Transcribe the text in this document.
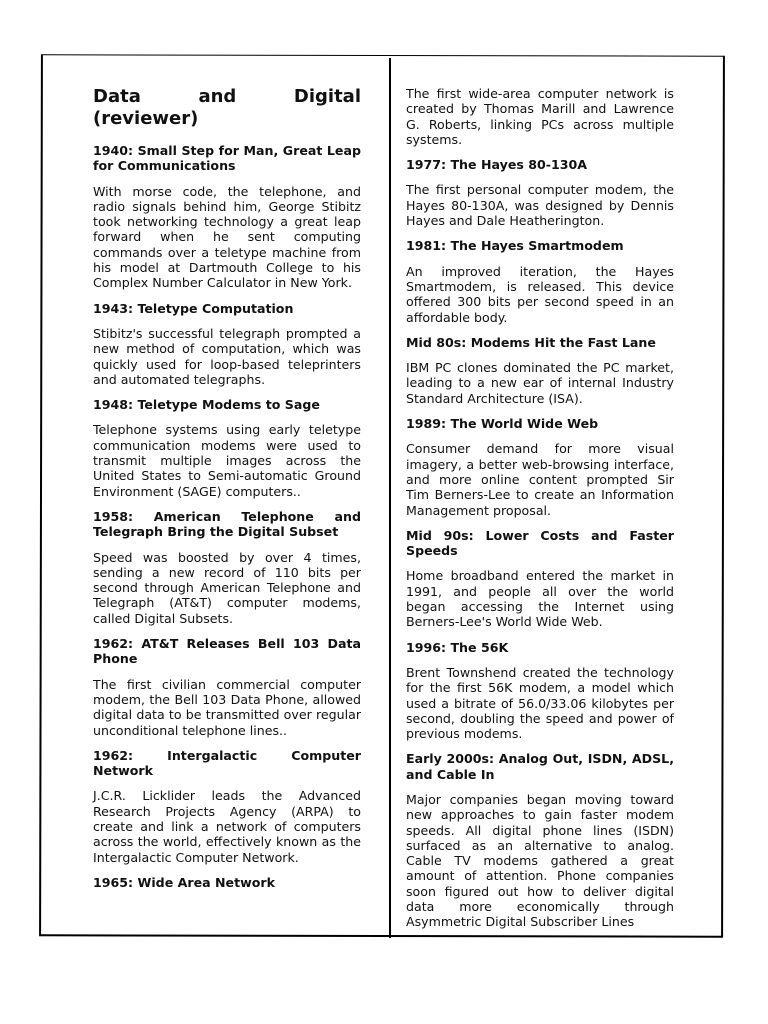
Data and Digital
(reviewer)
1940: Small Step for Man, Great Leap for Communications
With morse code, the telephone, and radio signals behind him, George Stibitz took networking technology a great leap forward when he sent computing commands over a teletype machine from his model at Dartmouth College to his Complex Number Calculator in New York.
1943: Teletype Computation
Stibitz's successful telegraph prompted a new method of computation, which was quickly used for loop-based teleprinters and automated telegraphs.
1948: Teletype Modems to Sage
Telephone systems using early teletype communication modems were used to transmit multiple images across the United States to Semi-automatic Ground Environment (SAGE) computers..
1958: American Telephone and Telegraph Bring the Digital Subset
Speed was boosted by over 4 times, sending a new record of 110 bits per second through American Telephone and Telegraph (AT&T) computer modems, called Digital Subsets.
1962: AT&T Releases Bell 103 Data Phone
The first civilian commercial computer modem, the Bell 103 Data Phone, allowed digital data to be transmitted over regular unconditional telephone lines..
1962: Intergalactic Computer Network
J.C.R. Licklider leads the Advanced Research Projects Agency (ARPA) to create and link a network of computers across the world, effectively known as the Intergalactic Computer Network.
1965: Wide Area Network
The first wide-area computer network is created by Thomas Marill and Lawrence G. Roberts, linking PCs across multiple systems.
1977: The Hayes 80-130A
The first personal computer modem, the Hayes 80-130A, was designed by Dennis Hayes and Dale Heatherington.
1981: The Hayes Smartmodem
An improved iteration, the Hayes Smartmodem, is released. This device offered 300 bits per second speed in an affordable body.
Mid 80s: Modems Hit the Fast Lane
IBM PC clones dominated the PC market, leading to a new ear of internal Industry Standard Architecture (ISA).
1989: The World Wide Web
Consumer demand for more visual imagery, a better web-browsing interface, and more online content prompted Sir Tim Berners-Lee to create an Information Management proposal.
Mid 90s: Lower Costs and Faster Speeds
Home broadband entered the market in 1991, and people all over the world began accessing the Internet using Berners-Lee's World Wide Web.
1996: The 56K
Brent Townshend created the technology for the first 56K modem, a model which used a bitrate of 56.0/33.06 kilobytes per second, doubling the speed and power of previous modems.
Early 2000s: Analog Out, ISDN, ADSL, and Cable In
Major companies began moving toward new approaches to gain faster modem speeds. All digital phone lines (ISDN) surfaced as an alternative to analog. Cable TV modems gathered a great amount of attention. Phone companies soon figured out how to deliver digital data more economically through Asymmetric Digital Subscriber Lines
